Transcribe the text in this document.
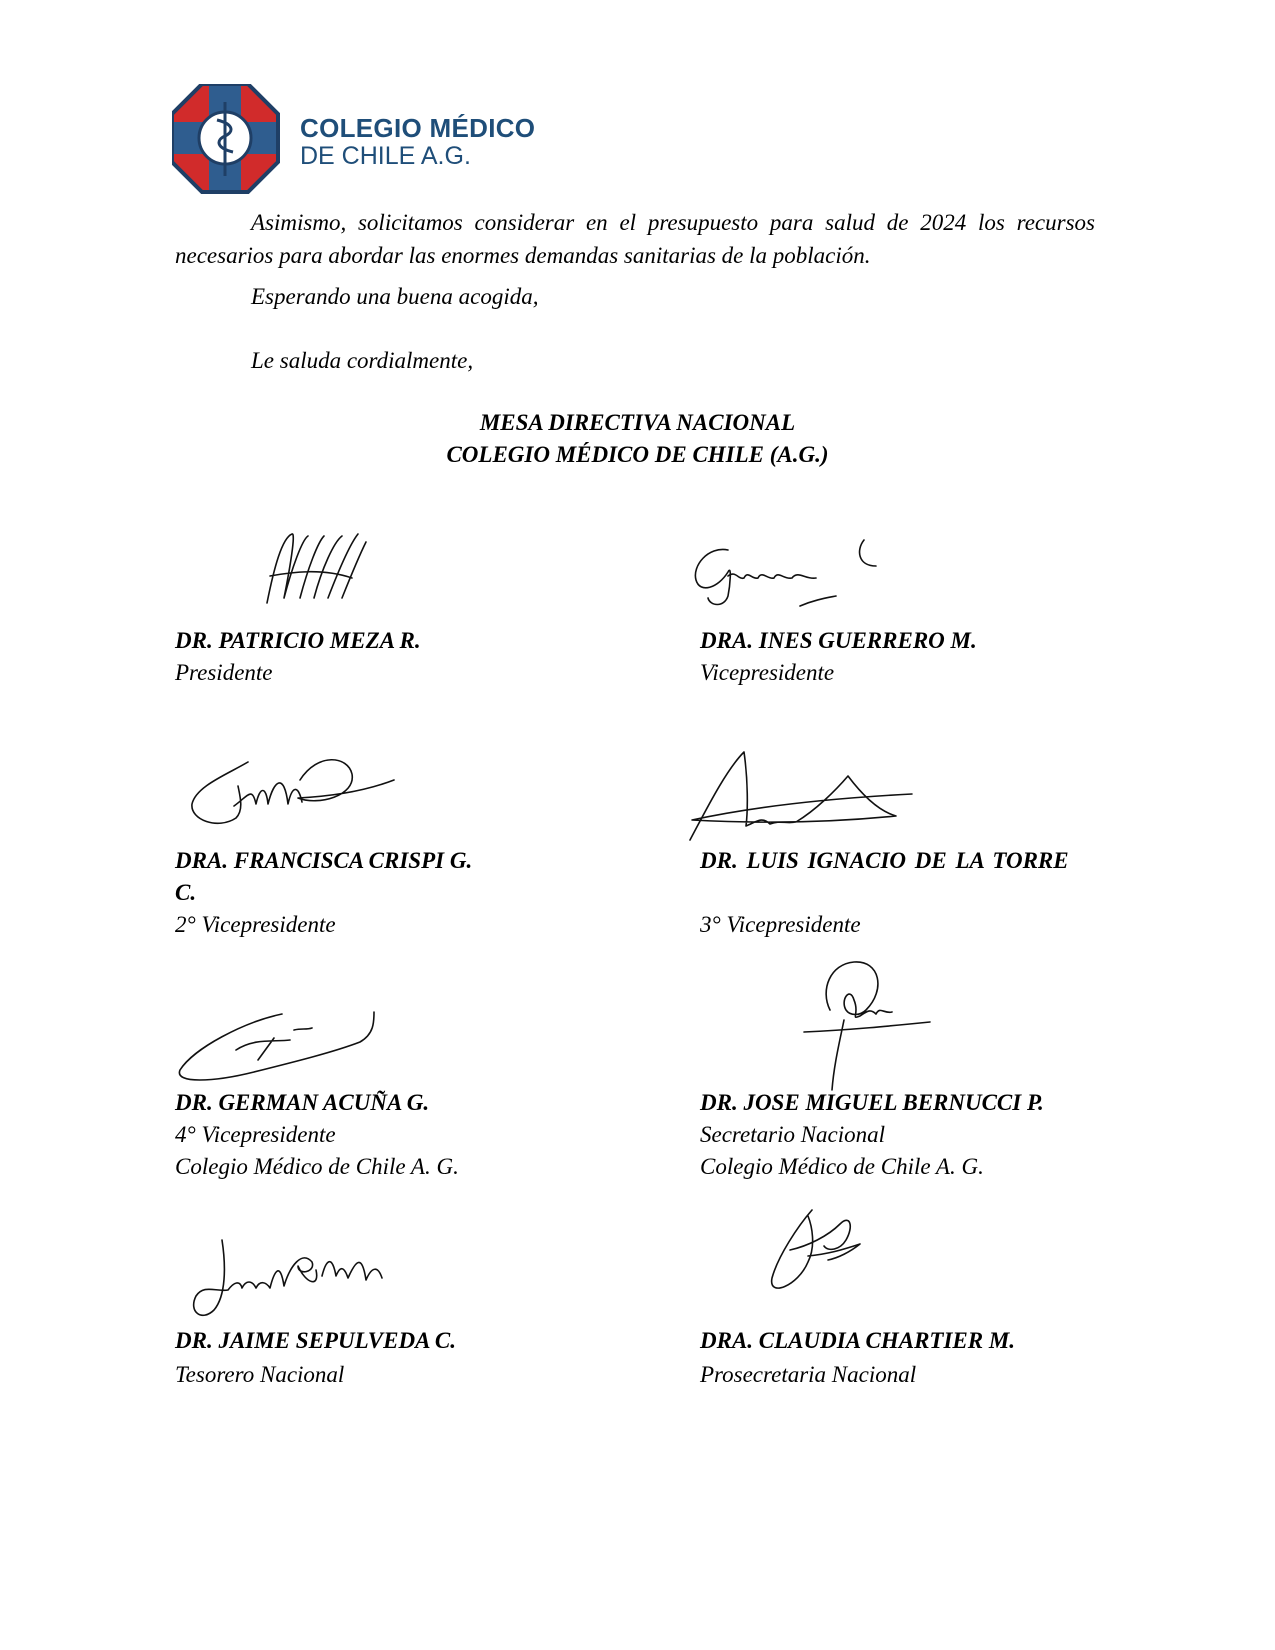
COLEGIO MÉDICO
DE CHILE A.G.
Asimismo, solicitamos considerar en el presupuesto para salud de 2024 los recursos necesarios para abordar las enormes demandas sanitarias de la población.
Esperando una buena acogida,
Le saluda cordialmente,
MESA DIRECTIVA NACIONAL
COLEGIO MÉDICO DE CHILE (A.G.)
DR. PATRICIO MEZA R.
Presidente
DRA. INES GUERRERO M.
Vicepresidente
DRA. FRANCISCA CRISPI G.
C.
2° Vicepresidente
DR. LUIS IGNACIO DE LA TORRE
3° Vicepresidente
DR. GERMAN ACUÑA G.
4° Vicepresidente
Colegio Médico de Chile A. G.
DR. JOSE MIGUEL BERNUCCI P.
Secretario Nacional
Colegio Médico de Chile A. G.
DR. JAIME SEPULVEDA C.
Tesorero Nacional
DRA. CLAUDIA CHARTIER M.
Prosecretaria Nacional
